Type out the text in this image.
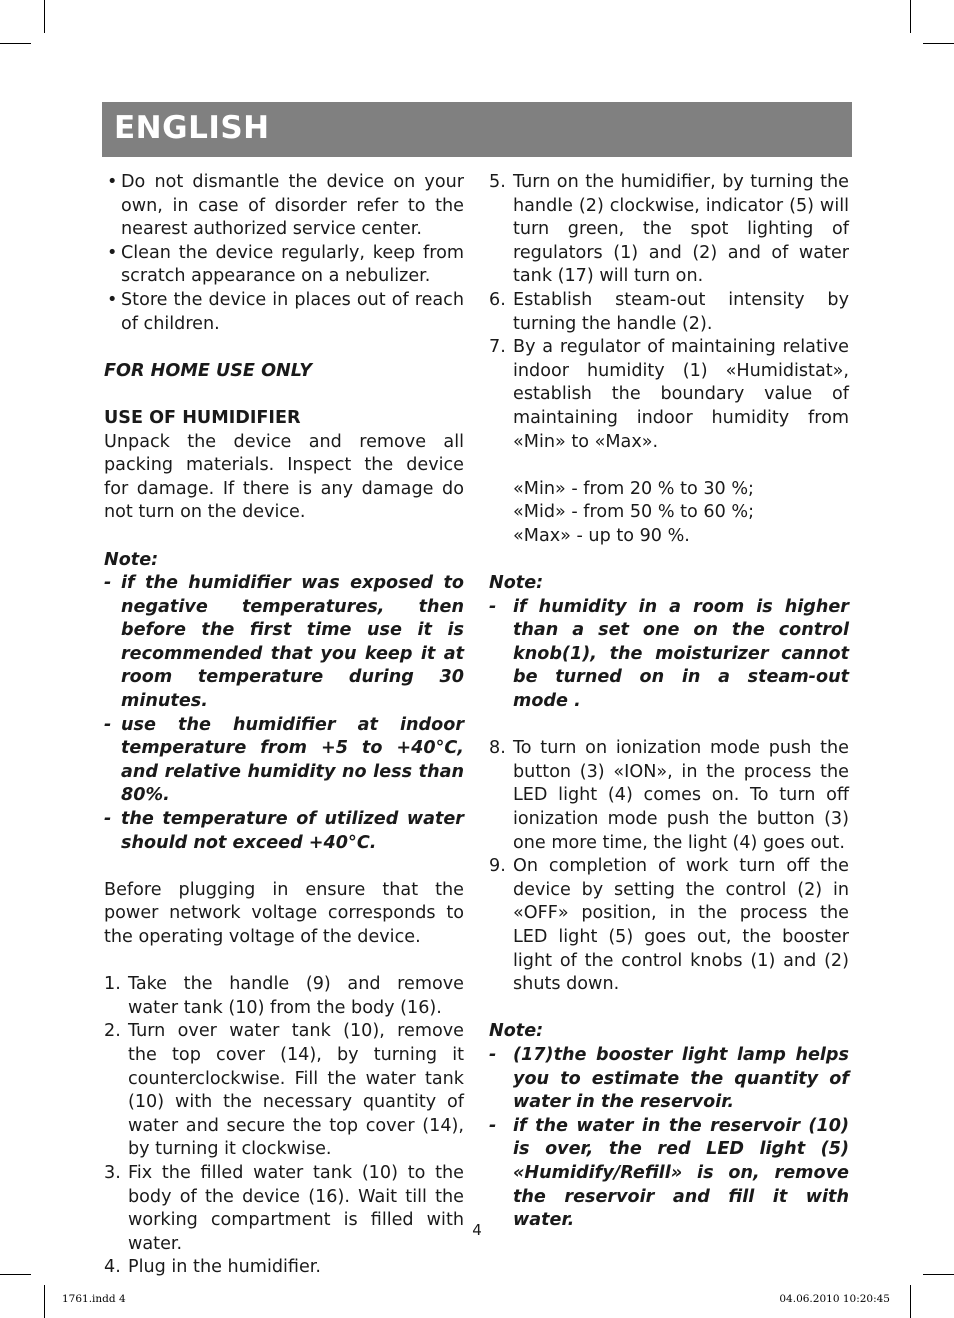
ENGLISH
• Do not dismantle the device on your own, in case of disorder refer to the nearest authorized service center.
• Clean the device regularly, keep from scratch appearance on a nebulizer.
• Store the device in places out of reach of children.

FOR HOME USE ONLY

USE OF HUMIDIFIER

Unpack the device and remove all packing materials. Inspect the device for damage. If there is any damage do not turn on the device.

Note:

- if the humidifier was exposed to negative temperatures, then before the first time use it is recommended that you keep it at room temperature during 30 minutes.
- use the humidifier at indoor temperature from +5 to +40°C, and relative humidity no less than 80%.
- the temperature of utilized water should not exceed +40°C.

Before plugging in ensure that the power network voltage corresponds to the operating voltage of the device.

1. Take the handle (9) and remove water tank (10) from the body (16).
2. Turn over water tank (10), remove the top cover (14), by turning it counterclockwise. Fill the water tank (10) with the necessary quantity of water and secure the top cover (14), by turning it clockwise.
3. Fix the filled water tank (10) to the body of the device (16). Wait till the working compartment is filled with water.
4. Plug in the humidifier.
5. Turn on the humidifier, by turning the handle (2) clockwise, indicator (5) will turn green, the spot lighting of regulators (1) and (2) and of water tank (17) will turn on.
6. Establish steam-out intensity by turning the handle (2).
7. By a regulator of maintaining relative indoor humidity (1) «Humidistat», establish the boundary value of maintaining indoor humidity from «Min» to «Max».

«Min» - from 20 % to 30 %;

«Mid» - from 50 % to 60 %;

«Max» - up to 90 %.

Note:

- if humidity in a room is higher than a set one on the control knob(1), the moisturizer cannot be turned on in a steam-out mode .
8. To turn on ionization mode push the button (3) «ION», in the process the LED light (4) comes on. To turn off ionization mode push the button (3) one more time, the light (4) goes out.
9. On completion of work turn off the device by setting the control (2) in «OFF» position, in the process the LED light (5) goes out, the booster light of the control knobs (1) and (2) shuts down.

Note:

- (17)the booster light lamp helps you to estimate the quantity of water in the reservoir.
- if the water in the reservoir (10) is over, the red LED light (5) «Humidify/Refill» is on, remove the reservoir and fill it with water.
4
1761.indd 4	04.06.2010 10:20:45
